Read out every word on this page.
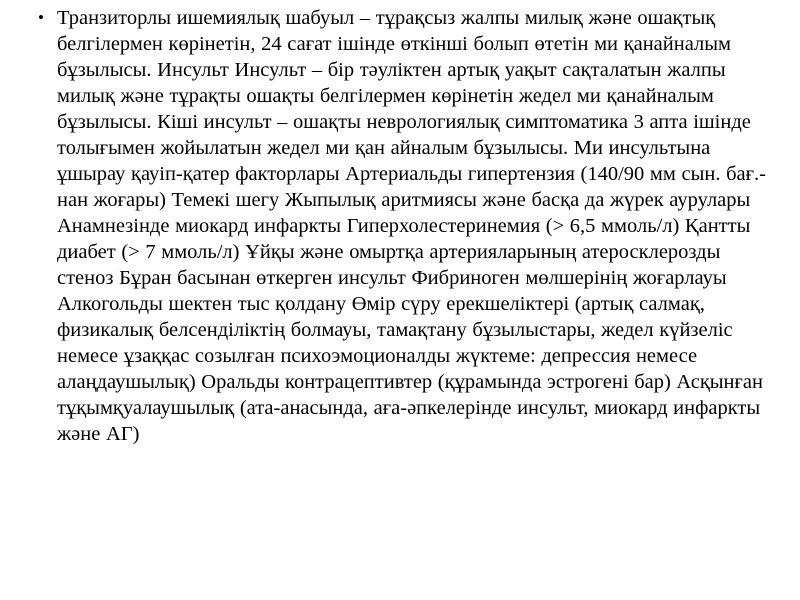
• Транзиторлы ишемиялық шабуыл – тұрақсыз жалпы милық және ошақтық белгілермен көрінетін, 24 сағат ішінде өткінші болып өтетін ми қанайналым бұзылысы. Инсульт Инсульт – бір тәуліктен артық уақыт сақталатын жалпы милық және тұрақты ошақты белгілермен көрінетін жедел ми қанайналым бұзылысы. Кіші инсульт – ошақты неврологиялық симптоматика 3 апта ішінде толығымен жойылатын жедел ми қан айналым бұзылысы. Ми инсультына ұшырау қауіп-қатер факторлары Артериальды гипертензия (140/90 мм сын. бағ.-нан жоғары) Темекі шегу Жыпылық аритмиясы және басқа да жүрек аурулары Анамнезінде миокард инфаркты Гиперхолестеринемия (> 6,5 ммоль/л) Қантты диабет (> 7 ммоль/л) Ұйқы және омыртқа артерияларының атеросклерозды стеноз Бұран басынан өткерген инсульт Фибриноген мөлшерінің жоғарлауы Алкогольды шектен тыс қолдану Өмір сүру ерекшеліктері (артық салмақ, физикалық белсенділіктің болмауы, тамақтану бұзылыстары, жедел күйзеліс немесе ұзаққас созылған психоэмоционалды жүктеме: депрессия немесе алаңдаушылық) Оральды контрацептивтер (құрамында эстрогені бар) Асқынған тұқымқуалаушылық (ата-анасында, аға-әпкелерінде инсульт, миокард инфаркты және АГ)
